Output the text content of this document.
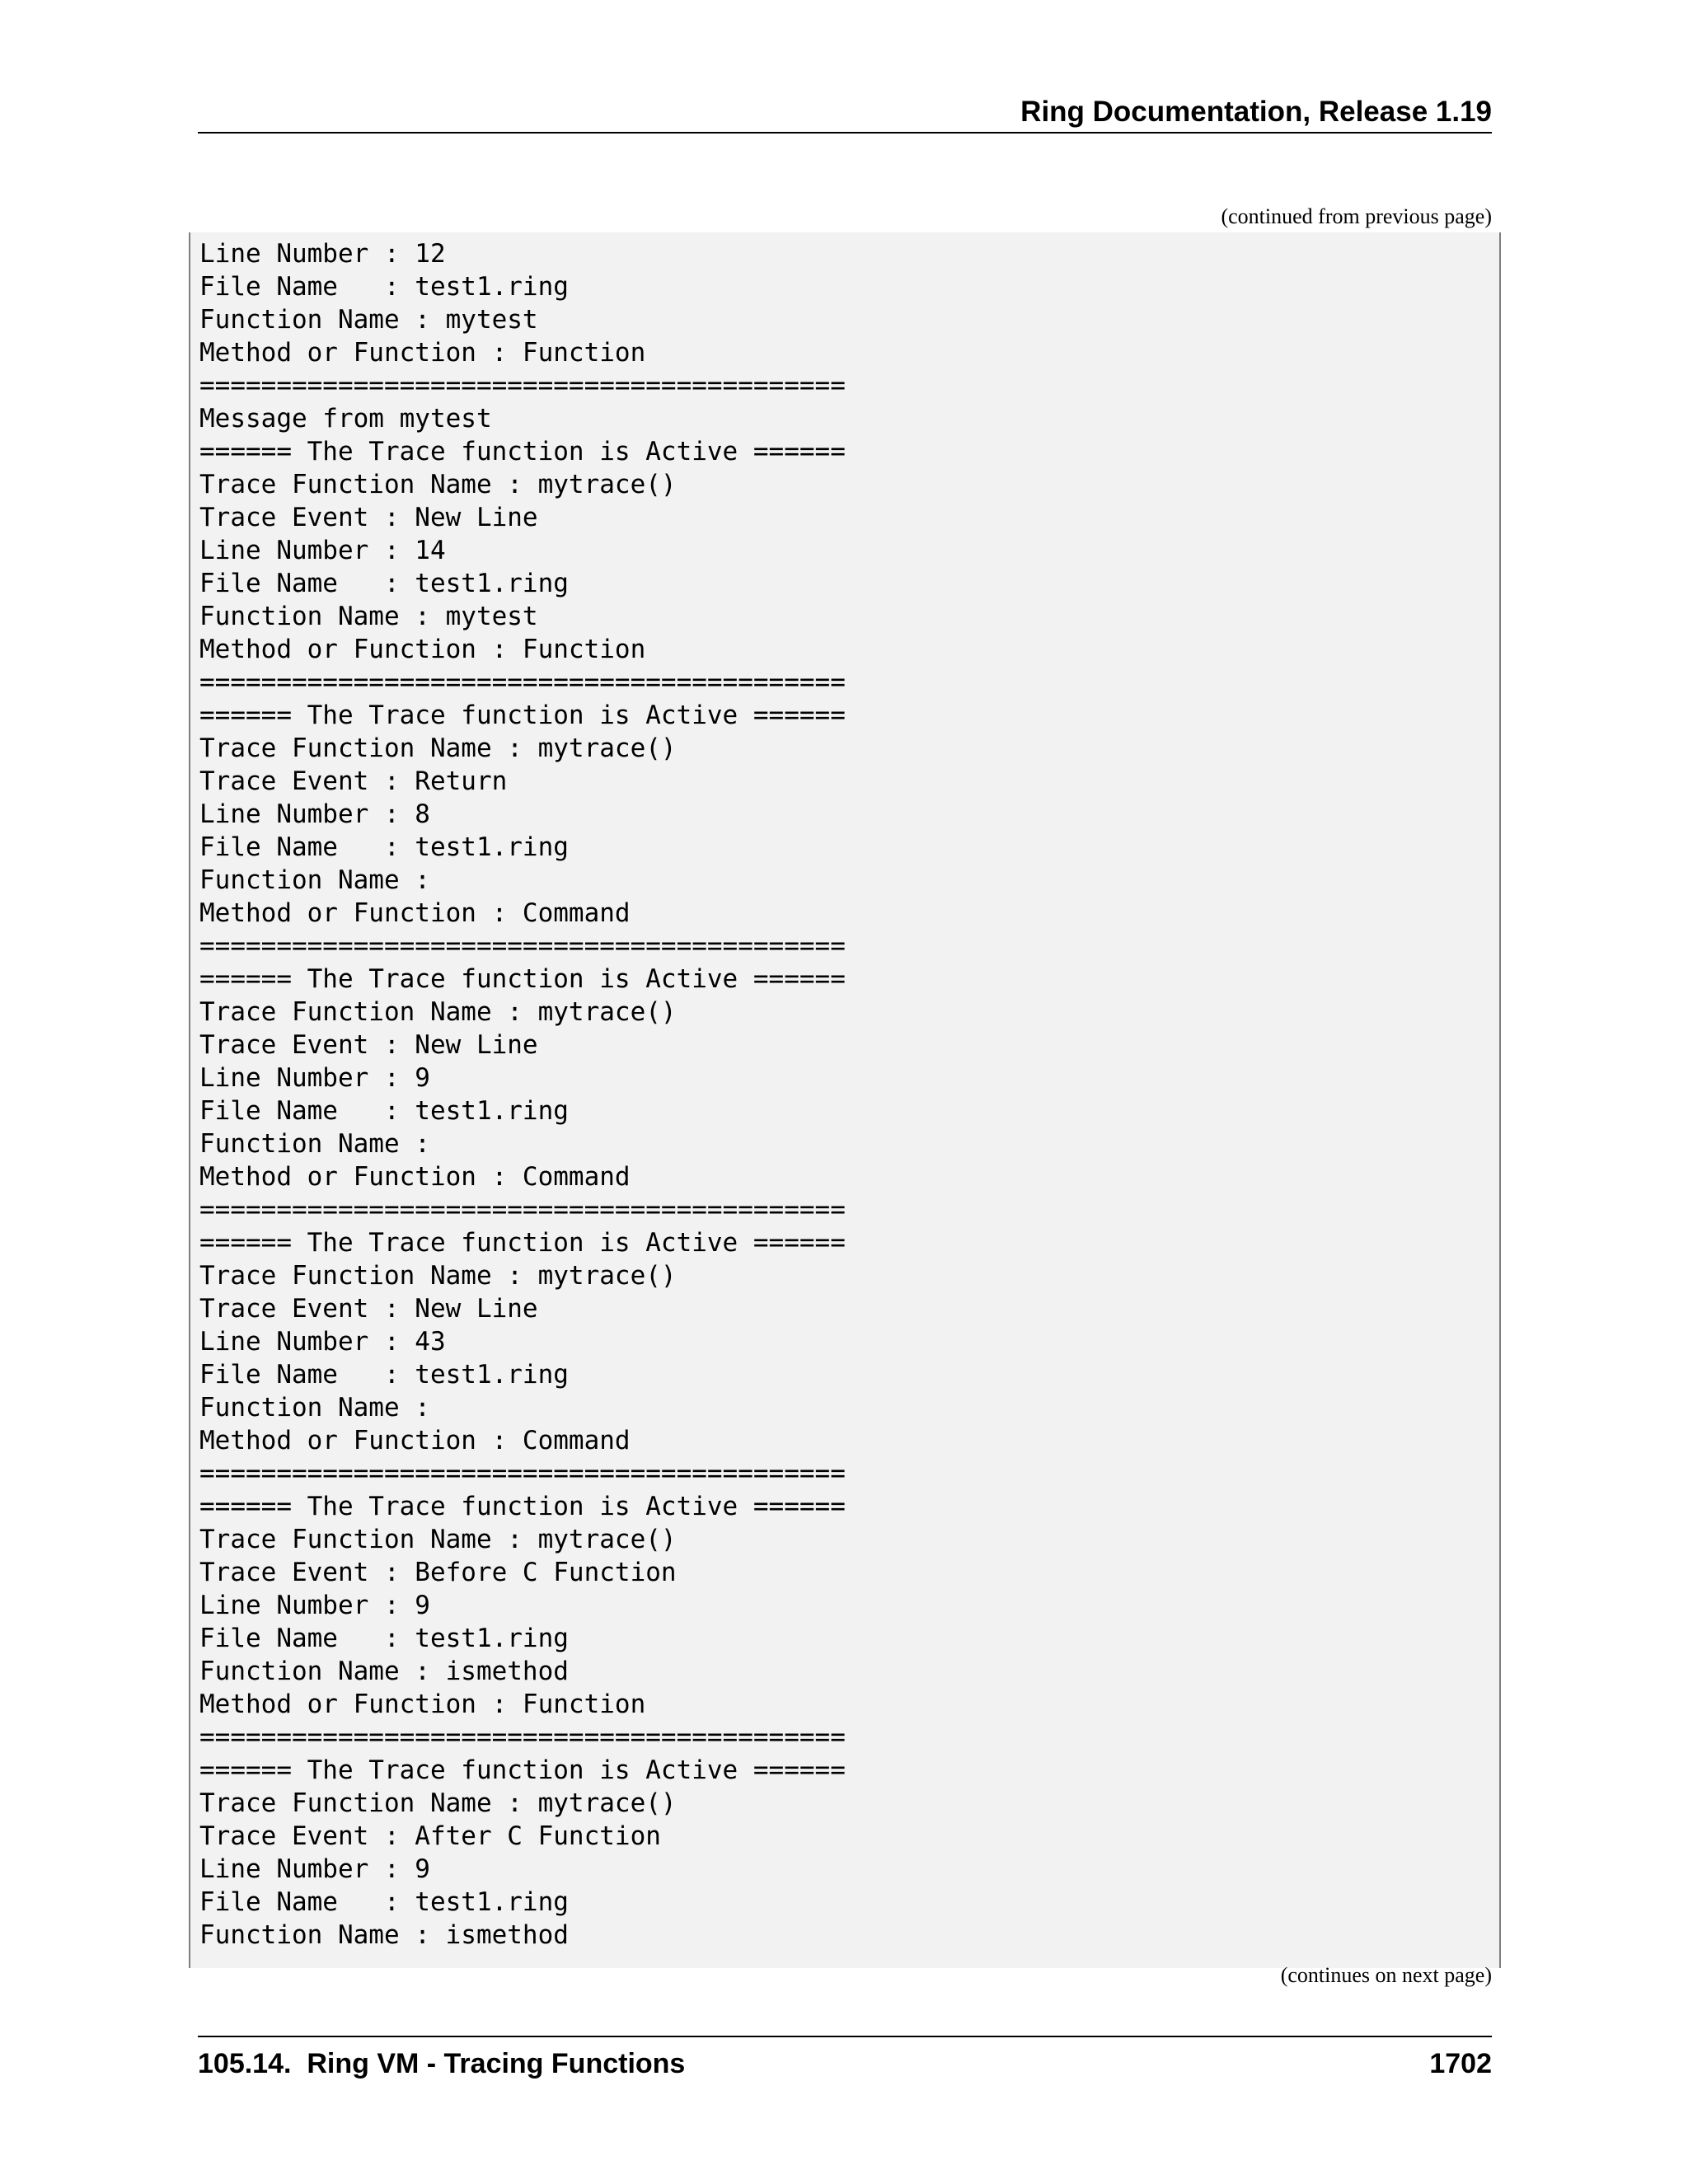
Ring Documentation, Release 1.19
(continued from previous page)
Line Number : 12
File Name   : test1.ring
Function Name : mytest
Method or Function : Function
==========================================
Message from mytest
====== The Trace function is Active ======
Trace Function Name : mytrace()
Trace Event : New Line
Line Number : 14
File Name   : test1.ring
Function Name : mytest
Method or Function : Function
==========================================
====== The Trace function is Active ======
Trace Function Name : mytrace()
Trace Event : Return
Line Number : 8
File Name   : test1.ring
Function Name :
Method or Function : Command
==========================================
====== The Trace function is Active ======
Trace Function Name : mytrace()
Trace Event : New Line
Line Number : 9
File Name   : test1.ring
Function Name :
Method or Function : Command
==========================================
====== The Trace function is Active ======
Trace Function Name : mytrace()
Trace Event : New Line
Line Number : 43
File Name   : test1.ring
Function Name :
Method or Function : Command
==========================================
====== The Trace function is Active ======
Trace Function Name : mytrace()
Trace Event : Before C Function
Line Number : 9
File Name   : test1.ring
Function Name : ismethod
Method or Function : Function
==========================================
====== The Trace function is Active ======
Trace Function Name : mytrace()
Trace Event : After C Function
Line Number : 9
File Name   : test1.ring
Function Name : ismethod
(continues on next page)
105.14.  Ring VM - Tracing Functions	1702
